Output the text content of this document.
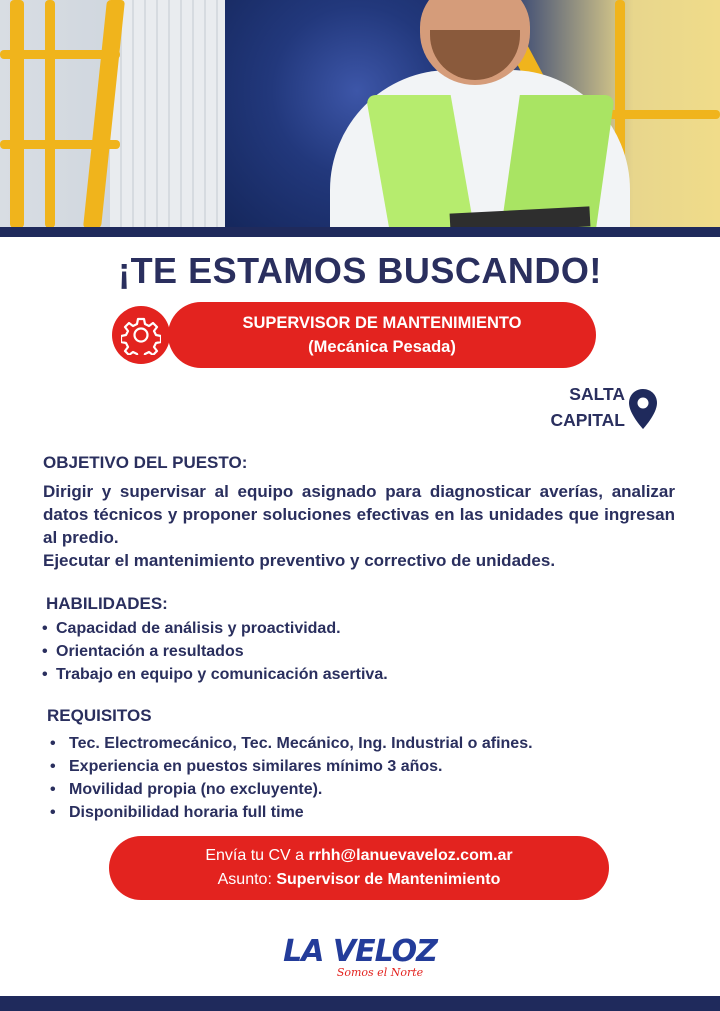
¡TE ESTAMOS BUSCANDO!
SUPERVISOR DE MANTENIMIENTO
(Mecánica Pesada)
SALTA
CAPITAL
OBJETIVO DEL PUESTO:
Dirigir y supervisar al equipo asignado para diagnosticar averías, analizar datos técnicos y proponer soluciones efectivas en las unidades que ingresan al predio.
Ejecutar el mantenimiento preventivo y correctivo de unidades.
HABILIDADES:
• Capacidad de análisis y proactividad.
• Orientación a resultados
• Trabajo en equipo y comunicación asertiva.
REQUISITOS
• Tec. Electromecánico, Tec. Mecánico, Ing. Industrial o afines.
• Experiencia en puestos similares mínimo 3 años.
• Movilidad propia (no excluyente).
• Disponibilidad horaria full time
Envía tu CV a rrhh@lanuevaveloz.com.ar
Asunto: Supervisor de Mantenimiento
LA VELOZ
Somos el Norte
